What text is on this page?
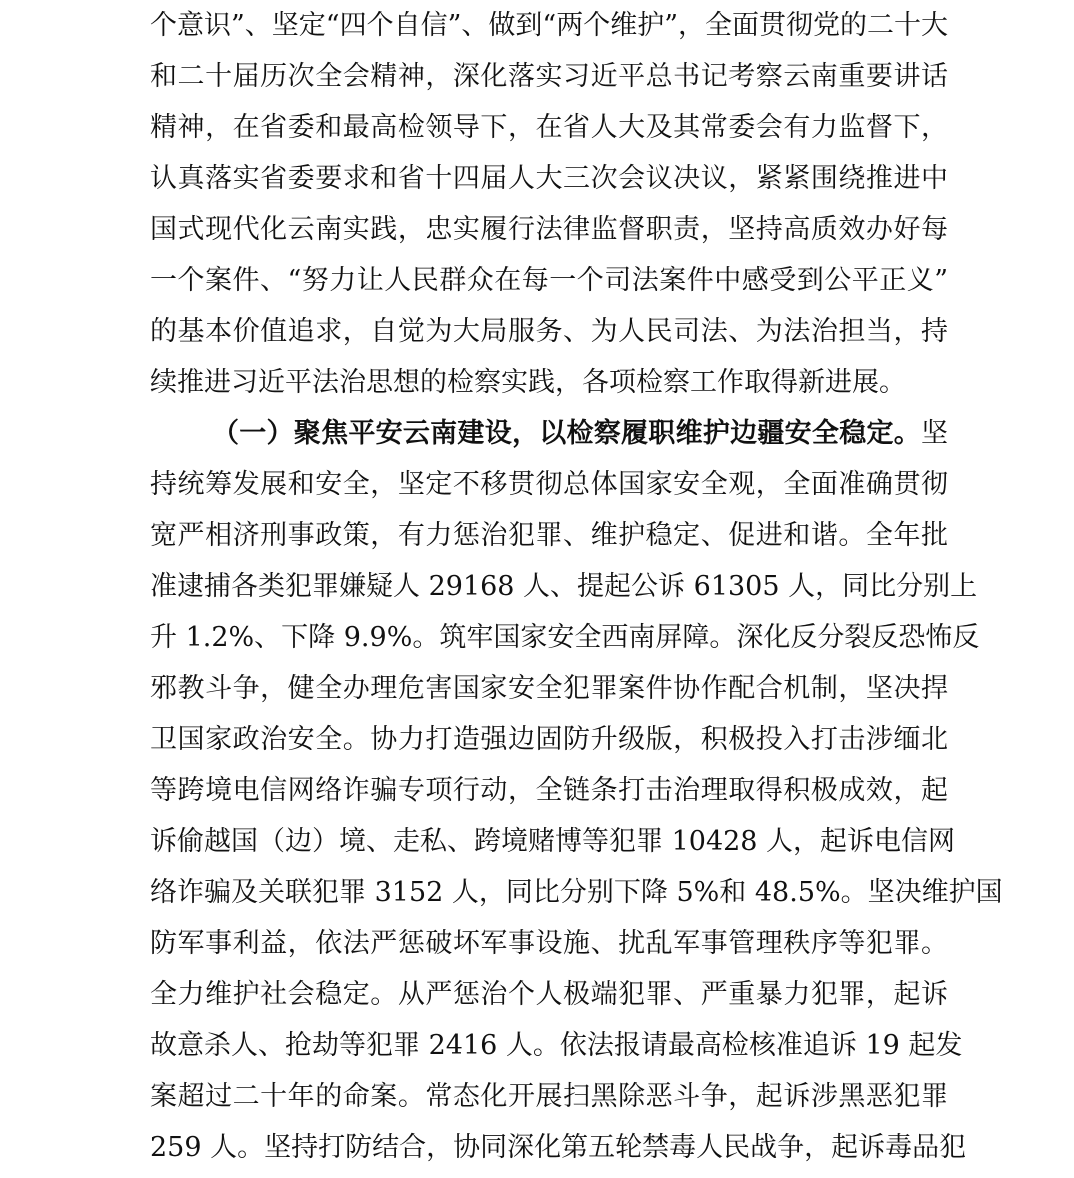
个意识”、坚定“四个自信”、做到“两个维护”，全面贯彻党的二十大
和二十届历次全会精神，深化落实习近平总书记考察云南重要讲话
精神，在省委和最高检领导下，在省人大及其常委会有力监督下，
认真落实省委要求和省十四届人大三次会议决议，紧紧围绕推进中
国式现代化云南实践，忠实履行法律监督职责，坚持高质效办好每
一个案件、“努力让人民群众在每一个司法案件中感受到公平正义”
的基本价值追求，自觉为大局服务、为人民司法、为法治担当，持
续推进习近平法治思想的检察实践，各项检察工作取得新进展。
（一）聚焦平安云南建设，以检察履职维护边疆安全稳定。坚
持统筹发展和安全，坚定不移贯彻总体国家安全观，全面准确贯彻
宽严相济刑事政策，有力惩治犯罪、维护稳定、促进和谐。全年批
准逮捕各类犯罪嫌疑人 29168 人、提起公诉 61305 人，同比分别上
升 1.2%、下降 9.9%。筑牢国家安全西南屏障。深化反分裂反恐怖反
邪教斗争，健全办理危害国家安全犯罪案件协作配合机制，坚决捍
卫国家政治安全。协力打造强边固防升级版，积极投入打击涉缅北
等跨境电信网络诈骗专项行动，全链条打击治理取得积极成效，起
诉偷越国（边）境、走私、跨境赌博等犯罪 10428 人，起诉电信网
络诈骗及关联犯罪 3152 人，同比分别下降 5%和 48.5%。坚决维护国
防军事利益，依法严惩破坏军事设施、扰乱军事管理秩序等犯罪。
全力维护社会稳定。从严惩治个人极端犯罪、严重暴力犯罪，起诉
故意杀人、抢劫等犯罪 2416 人。依法报请最高检核准追诉 19 起发
案超过二十年的命案。常态化开展扫黑除恶斗争，起诉涉黑恶犯罪
259 人。坚持打防结合，协同深化第五轮禁毒人民战争，起诉毒品犯
